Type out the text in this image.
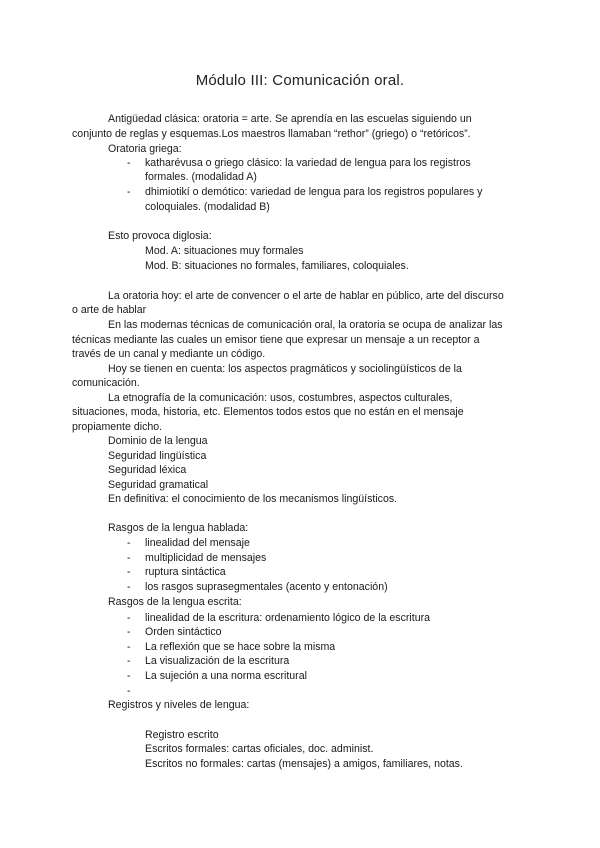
Módulo III: Comunicación oral.
Antigüedad clásica: oratoria = arte. Se aprendía en las escuelas siguiendo un
conjunto de reglas y esquemas.Los maestros llamaban “rethor” (griego) o “retóricos”.
Oratoria griega:
- katharévusa o griego clásico: la variedad de lengua para los registros
formales. (modalidad A)
- dhimiotikí o demótico: variedad de lengua para los registros populares y
coloquiales. (modalidad B)
Esto provoca diglosia:
Mod. A: situaciones muy formales
Mod. B: situaciones no formales, familiares, coloquiales.
La oratoria hoy: el arte de convencer o el arte de hablar en público, arte del discurso
o arte de hablar
En las modernas técnicas de comunicación oral, la oratoria se ocupa de analizar las
técnicas mediante las cuales un emisor tiene que expresar un mensaje a un receptor a
través de un canal y mediante un código.
Hoy se tienen en cuenta: los aspectos pragmáticos y sociolingüísticos de la
comunicación.
La etnografía de la comunicación: usos, costumbres, aspectos culturales,
situaciones, moda, historia, etc. Elementos todos estos que no están en el mensaje
propiamente dicho.
Dominio de la lengua
Seguridad lingüística
Seguridad léxica
Seguridad gramatical
En definitiva: el conocimiento de los mecanismos lingüísticos.
Rasgos de la lengua hablada:
- linealidad del mensaje
- multiplicidad de mensajes
- ruptura sintáctica
- los rasgos suprasegmentales (acento y entonación)
Rasgos de la lengua escrita:
- linealidad de la escritura: ordenamiento lógico de la escritura
- Orden sintáctico
- La reflexión que se hace sobre la misma
- La visualización de la escritura
- La sujeción a una norma escritural
-
Registros y niveles de lengua:
Registro escrito
Escritos formales: cartas oficiales, doc. administ.
Escritos no formales: cartas (mensajes) a amigos, familiares, notas.
